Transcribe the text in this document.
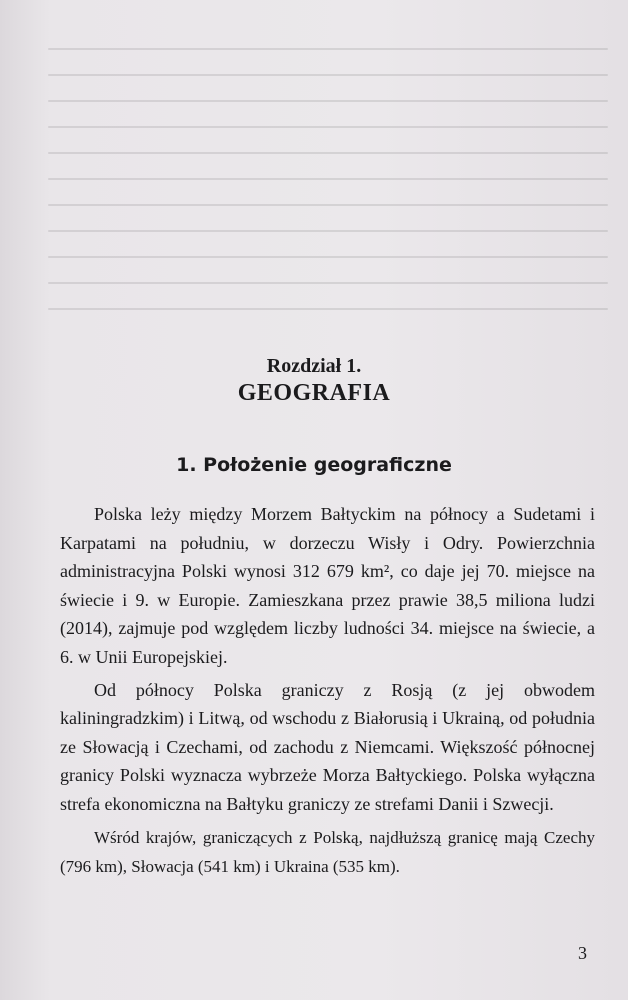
Rozdział 1.
GEOGRAFIA
1. Położenie geograficzne

Polska leży między Morzem Bałtyckim na północy a Sudetami i Karpatami na południu, w dorzeczu Wisły i Odry. Powierzchnia administracyjna Polski wynosi 312 679 km², co daje jej 70. miejsce na świecie i 9. w Europie. Zamieszkana przez prawie 38,5 miliona ludzi (2014), zajmuje pod względem liczby ludności 34. miejsce na świecie, a 6. w Unii Europejskiej.

Od północy Polska graniczy z Rosją (z jej obwodem kaliningradzkim) i Litwą, od wschodu z Białorusią i Ukrainą, od południa ze Słowacją i Czechami, od zachodu z Niemcami. Większość północnej granicy Polski wyznacza wybrzeże Morza Bałtyckiego. Polska wyłączna strefa ekonomiczna na Bałtyku graniczy ze strefami Danii i Szwecji.

Wśród krajów, graniczących z Polską, najdłuższą granicę mają Czechy (796 km), Słowacja (541 km) i Ukraina (535 km).

3
